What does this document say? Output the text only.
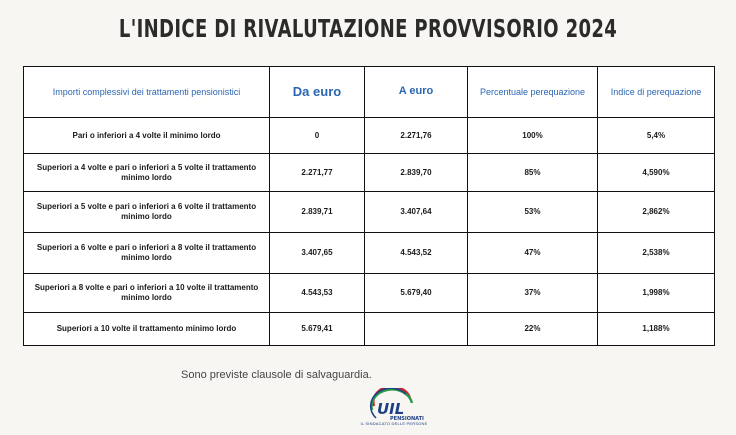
L'INDICE DI RIVALUTAZIONE PROVVISORIO 2024
Importi complessivi dei trattamenti pensionistici	Da euro	A euro	Percentuale perequazione	Indice di perequazione
Pari o inferiori a 4 volte il minimo lordo	0	2.271,76	100%	5,4%
Superiori a 4 volte e pari o inferiori a 5 volte il trattamento minimo lordo	2.271,77	2.839,70	85%	4,590%
Superiori a 5 volte e pari o inferiori a 6 volte il trattamento minimo lordo	2.839,71	3.407,64	53%	2,862%
Superiori a 6 volte e pari o inferiori a 8 volte il trattamento minimo lordo	3.407,65	4.543,52	47%	2,538%
Superiori a 8 volte e pari o inferiori a 10 volte il trattamento minimo lordo	4.543,53	5.679,40	37%	1,998%
Superiori a 10 volte il trattamento minimo lordo	5.679,41		22%	1,188%
Sono previste clausole di salvaguardia.
UIL
PENSIONATI
IL SINDACATO DELLE PERSONE
